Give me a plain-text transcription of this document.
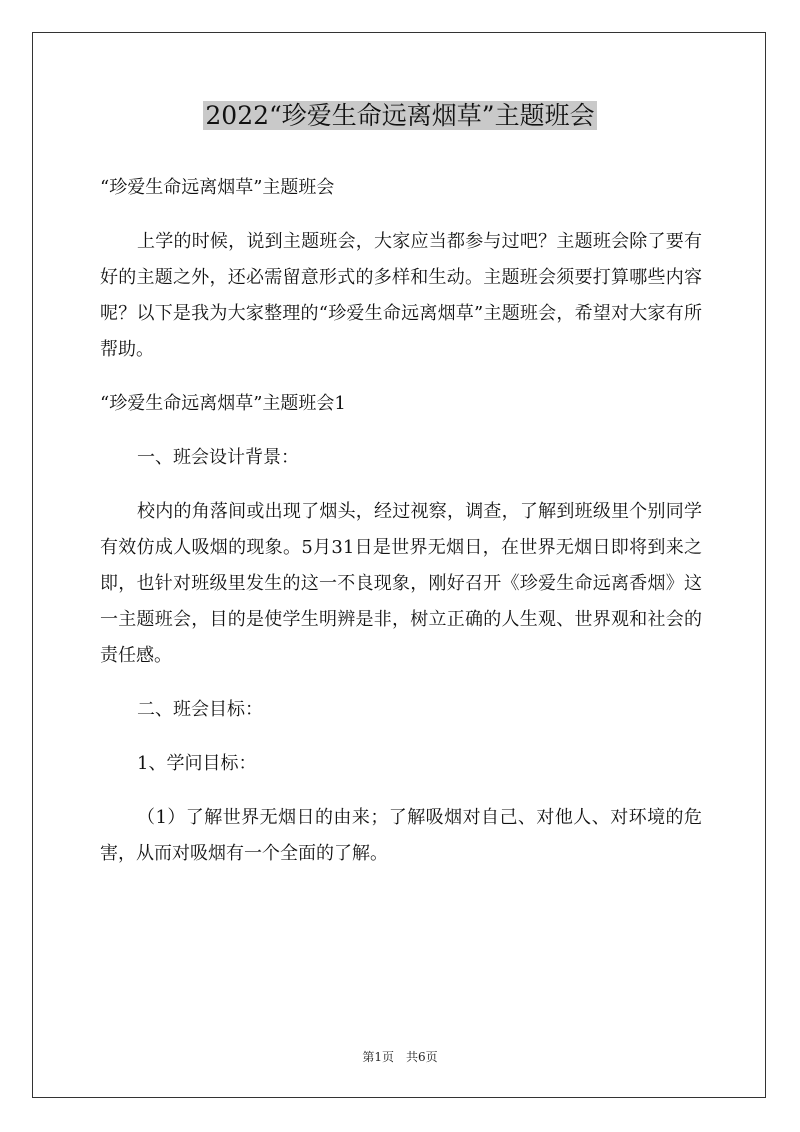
2022“珍爱生命远离烟草”主题班会

“珍爱生命远离烟草”主题班会

上学的时候，说到主题班会，大家应当都参与过吧？主题班会除了要有好的主题之外，还必需留意形式的多样和生动。主题班会须要打算哪些内容呢？以下是我为大家整理的“珍爱生命远离烟草”主题班会，希望对大家有所帮助。

“珍爱生命远离烟草”主题班会1

一、班会设计背景：

校内的角落间或出现了烟头，经过视察，调查，了解到班级里个别同学有效仿成人吸烟的现象。5月31日是世界无烟日，在世界无烟日即将到来之即，也针对班级里发生的这一不良现象，刚好召开《珍爱生命远离香烟》这一主题班会，目的是使学生明辨是非，树立正确的人生观、世界观和社会的责任感。

二、班会目标：

1、学问目标：

（1）了解世界无烟日的由来；了解吸烟对自己、对他人、对环境的危害，从而对吸烟有一个全面的了解。

第1页　共6页
